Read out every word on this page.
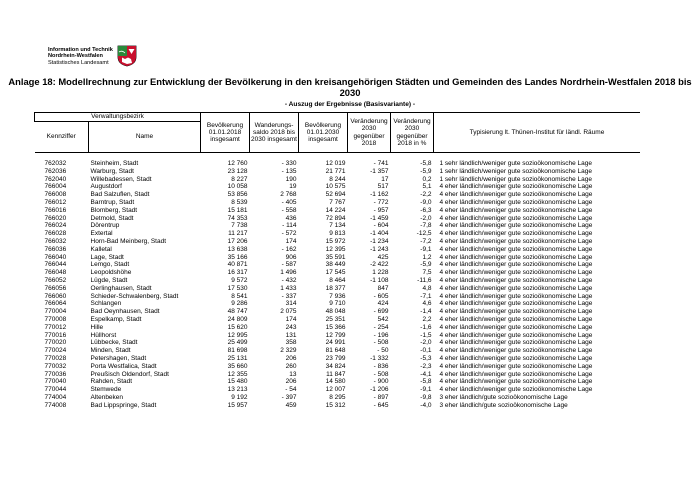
Information und Technik
Nordrhein-Westfalen
Statistisches Landesamt
Anlage 18: Modellrechnung zur Entwicklung der Bevölkerung in den kreisangehörigen Städten und Gemeinden des Landes Nordrhein-Westfalen 2018 bis 2030
- Auszug der Ergebnisse (Basisvariante) -
Verwaltungsbezirk		Bevölkerung 01.01.2018 insgesamt	Wanderungs-saldo 2018 bis 2030 insgesamt	Bevölkerung 01.01.2030 insgesamt	Veränderung 2030 gegenüber 2018	Veränderung 2030 gegenüber 2018 in %	Typisierung lt. Thünen-Institut für ländl. Räume
Kennziffer	Name						

762032	Steinheim, Stadt	12 760	- 330	12 019	- 741	-5,8	1 sehr ländlich/weniger gute sozioökonomische Lage
762036	Warburg, Stadt	23 128	- 135	21 771	-1 357	-5,9	1 sehr ländlich/weniger gute sozioökonomische Lage
762040	Willebadessen, Stadt	8 227	190	8 244	17	0,2	1 sehr ländlich/weniger gute sozioökonomische Lage
766004	Augustdorf	10 058	19	10 575	517	5,1	4 eher ländlich/weniger gute sozioökonomische Lage
766008	Bad Salzuflen, Stadt	53 856	2 768	52 694	-1 162	-2,2	4 eher ländlich/weniger gute sozioökonomische Lage
766012	Barntrup, Stadt	8 539	- 405	7 767	- 772	-9,0	4 eher ländlich/weniger gute sozioökonomische Lage
766016	Blomberg, Stadt	15 181	- 558	14 224	- 957	-6,3	4 eher ländlich/weniger gute sozioökonomische Lage
766020	Detmold, Stadt	74 353	436	72 894	-1 459	-2,0	4 eher ländlich/weniger gute sozioökonomische Lage
766024	Dörentrup	7 738	- 114	7 134	- 604	-7,8	4 eher ländlich/weniger gute sozioökonomische Lage
766028	Extertal	11 217	- 572	9 813	-1 404	-12,5	4 eher ländlich/weniger gute sozioökonomische Lage
766032	Horn-Bad Meinberg, Stadt	17 206	174	15 972	-1 234	-7,2	4 eher ländlich/weniger gute sozioökonomische Lage
766036	Kalletal	13 638	- 162	12 395	-1 243	-9,1	4 eher ländlich/weniger gute sozioökonomische Lage
766040	Lage, Stadt	35 166	906	35 591	425	1,2	4 eher ländlich/weniger gute sozioökonomische Lage
766044	Lemgo, Stadt	40 871	- 587	38 449	-2 422	-5,9	4 eher ländlich/weniger gute sozioökonomische Lage
766048	Leopoldshöhe	16 317	1 496	17 545	1 228	7,5	4 eher ländlich/weniger gute sozioökonomische Lage
766052	Lügde, Stadt	9 572	- 432	8 464	-1 108	-11,6	4 eher ländlich/weniger gute sozioökonomische Lage
766056	Oerlinghausen, Stadt	17 530	1 433	18 377	847	4,8	4 eher ländlich/weniger gute sozioökonomische Lage
766060	Schieder-Schwalenberg, Stadt	8 541	- 337	7 936	- 605	-7,1	4 eher ländlich/weniger gute sozioökonomische Lage
766064	Schlangen	9 286	314	9 710	424	4,6	4 eher ländlich/weniger gute sozioökonomische Lage
770004	Bad Oeynhausen, Stadt	48 747	2 075	48 048	- 699	-1,4	4 eher ländlich/weniger gute sozioökonomische Lage
770008	Espelkamp, Stadt	24 809	174	25 351	542	2,2	4 eher ländlich/weniger gute sozioökonomische Lage
770012	Hille	15 620	243	15 366	- 254	-1,6	4 eher ländlich/weniger gute sozioökonomische Lage
770016	Hüllhorst	12 995	131	12 799	- 196	-1,5	4 eher ländlich/weniger gute sozioökonomische Lage
770020	Lübbecke, Stadt	25 499	358	24 991	- 508	-2,0	4 eher ländlich/weniger gute sozioökonomische Lage
770024	Minden, Stadt	81 698	2 329	81 648	- 50	-0,1	4 eher ländlich/weniger gute sozioökonomische Lage
770028	Petershagen, Stadt	25 131	206	23 799	-1 332	-5,3	4 eher ländlich/weniger gute sozioökonomische Lage
770032	Porta Westfalica, Stadt	35 660	260	34 824	- 836	-2,3	4 eher ländlich/weniger gute sozioökonomische Lage
770036	Preußisch Oldendorf, Stadt	12 355	13	11 847	- 508	-4,1	4 eher ländlich/weniger gute sozioökonomische Lage
770040	Rahden, Stadt	15 480	206	14 580	- 900	-5,8	4 eher ländlich/weniger gute sozioökonomische Lage
770044	Stemwede	13 213	- 54	12 007	-1 206	-9,1	4 eher ländlich/weniger gute sozioökonomische Lage
774004	Altenbeken	9 192	- 397	8 295	- 897	-9,8	3 eher ländlich/gute sozioökonomische Lage
774008	Bad Lippspringe, Stadt	15 957	459	15 312	- 645	-4,0	3 eher ländlich/gute sozioökonomische Lage
